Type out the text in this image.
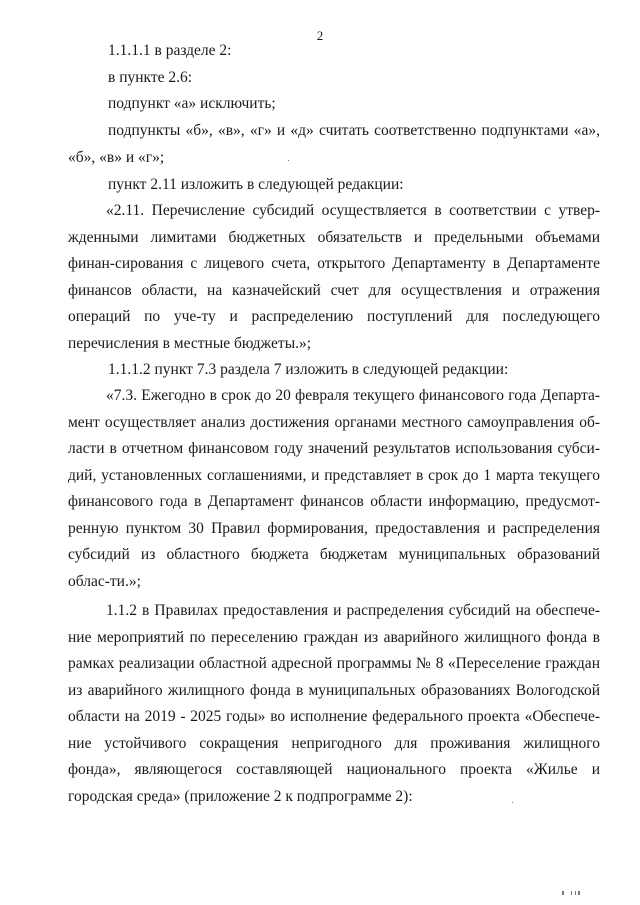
2

1.1.1.1 в разделе 2:

в пункте 2.6:

подпункт «а» исключить;

подпункты «б», «в», «г» и «д» считать соответственно подпунктами «а»,

«б», «в» и «г»;

пункт 2.11 изложить в следующей редакции:

«2.11. Перечисление субсидий осуществляется в соответствии с утвер-жденными лимитами бюджетных обязательств и предельными объемами финан-сирования с лицевого счета, открытого Департаменту в Департаменте финансов области, на казначейский счет для осуществления и отражения операций по уче-ту и распределению поступлений для последующего перечисления в местные бюджеты.»;

1.1.1.2 пункт 7.3 раздела 7 изложить в следующей редакции:

«7.3. Ежегодно в срок до 20 февраля текущего финансового года Департа-мент осуществляет анализ достижения органами местного самоуправления об-ласти в отчетном финансовом году значений результатов использования субси-дий, установленных соглашениями, и представляет в срок до 1 марта текущего финансового года в Департамент финансов области информацию, предусмот-ренную пунктом 30 Правил формирования, предоставления и распределения субсидий из областного бюджета бюджетам муниципальных образований облас-ти.»;

1.1.2 в Правилах предоставления и распределения субсидий на обеспече-ние мероприятий по переселению граждан из аварийного жилищного фонда в рамках реализации областной адресной программы № 8 «Переселение граждан из аварийного жилищного фонда в муниципальных образованиях Вологодской области на 2019 - 2025 годы» во исполнение федерального проекта «Обеспече-ние устойчивого сокращения непригодного для проживания жилищного фонда», являющегося составляющей национального проекта «Жилье и городская среда» (приложение 2 к подпрограмме 2):
